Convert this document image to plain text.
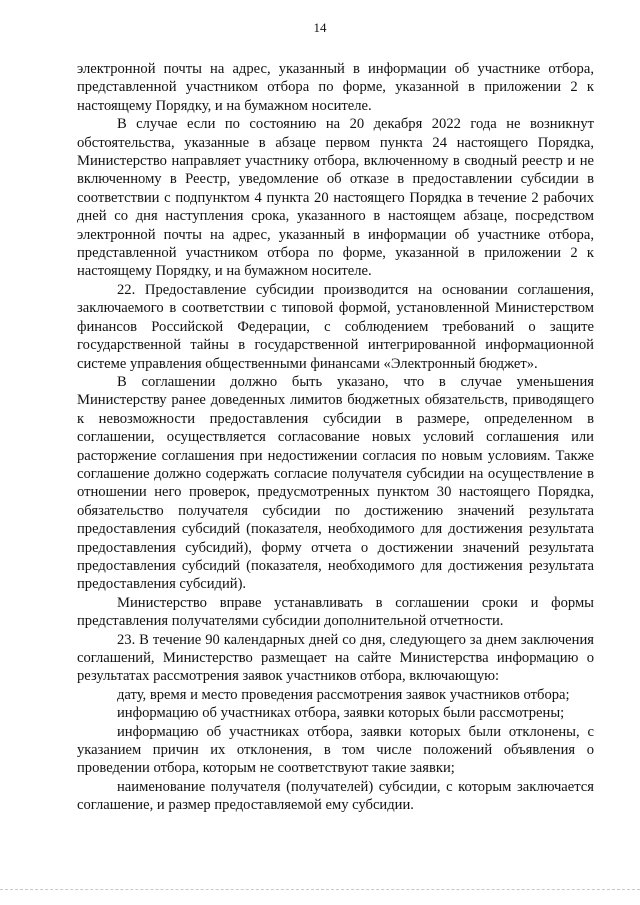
14

электронной почты на адрес, указанный в информации об участнике отбора, представленной участником отбора по форме, указанной в приложении 2 к настоящему Порядку, и на бумажном носителе.

В случае если по состоянию на 20 декабря 2022 года не возникнут обстоятельства, указанные в абзаце первом пункта 24 настоящего Порядка, Министерство направляет участнику отбора, включенному в сводный реестр и не включенному в Реестр, уведомление об отказе в предоставлении субсидии в соответствии с подпунктом 4 пункта 20 настоящего Порядка в течение 2 рабочих дней со дня наступления срока, указанного в настоящем абзаце, посредством электронной почты на адрес, указанный в информации об участнике отбора, представленной участником отбора по форме, указанной в приложении 2 к настоящему Порядку, и на бумажном носителе.

22. Предоставление субсидии производится на основании соглашения, заключаемого в соответствии с типовой формой, установленной Министерством финансов Российской Федерации, с соблюдением требований о защите государственной тайны в государственной интегрированной информационной системе управления общественными финансами «Электронный бюджет».

В соглашении должно быть указано, что в случае уменьшения Министерству ранее доведенных лимитов бюджетных обязательств, приводящего к невозможности предоставления субсидии в размере, определенном в соглашении, осуществляется согласование новых условий соглашения или расторжение соглашения при недостижении согласия по новым условиям. Также соглашение должно содержать согласие получателя субсидии на осуществление в отношении него проверок, предусмотренных пунктом 30 настоящего Порядка, обязательство получателя субсидии по достижению значений результата предоставления субсидий (показателя, необходимого для достижения результата предоставления субсидий), форму отчета о достижении значений результата предоставления субсидий (показателя, необходимого для достижения результата предоставления субсидий).

Министерство вправе устанавливать в соглашении сроки и формы представления получателями субсидии дополнительной отчетности.

23. В течение 90 календарных дней со дня, следующего за днем заключения соглашений, Министерство размещает на сайте Министерства информацию о результатах рассмотрения заявок участников отбора, включающую:

дату, время и место проведения рассмотрения заявок участников отбора;

информацию об участниках отбора, заявки которых были рассмотрены;

информацию об участниках отбора, заявки которых были отклонены, с указанием причин их отклонения, в том числе положений объявления о проведении отбора, которым не соответствуют такие заявки;

наименование получателя (получателей) субсидии, с которым заключается соглашение, и размер предоставляемой ему субсидии.
